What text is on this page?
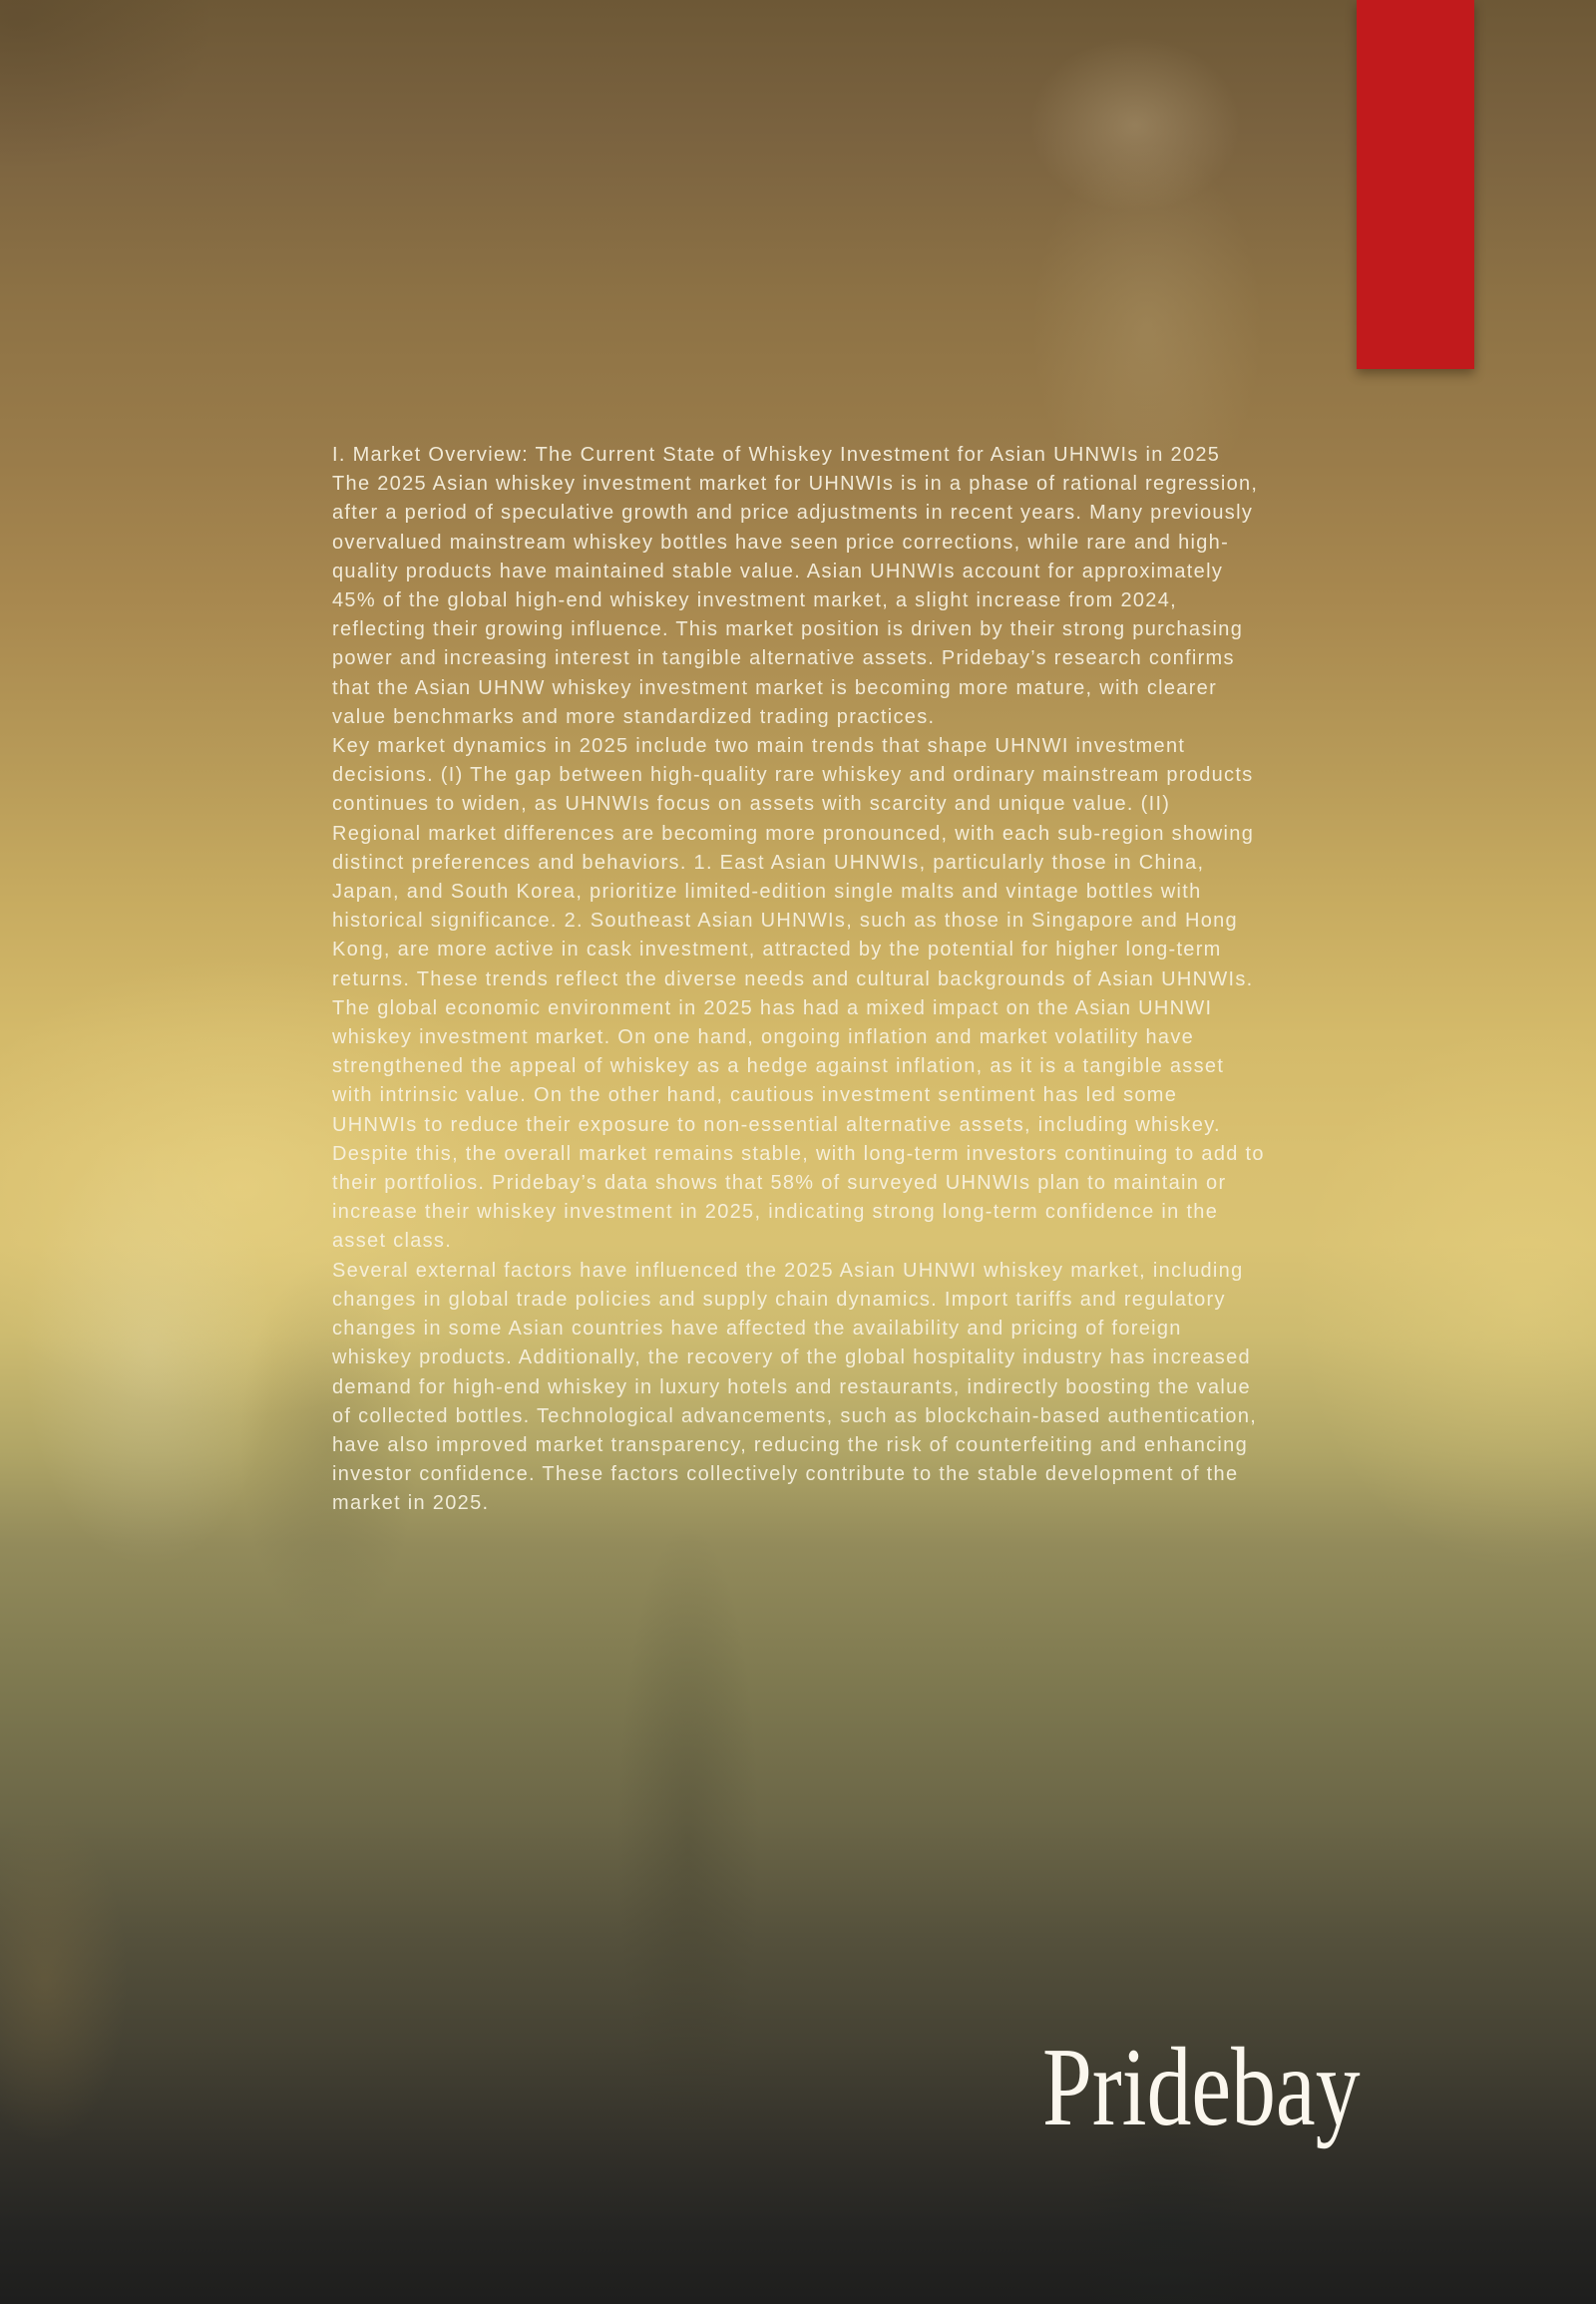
I. Market Overview: The Current State of Whiskey Investment for Asian UHNWIs in 2025

The 2025 Asian whiskey investment market for UHNWIs is in a phase of rational regression, after a period of speculative growth and price adjustments in recent years. Many previously overvalued mainstream whiskey bottles have seen price corrections, while rare and high-quality products have maintained stable value. Asian UHNWIs account for approximately 45% of the global high-end whiskey investment market, a slight increase from 2024, reflecting their growing influence. This market position is driven by their strong purchasing power and increasing interest in tangible alternative assets. Pridebay’s research confirms that the Asian UHNW whiskey investment market is becoming more mature, with clearer value benchmarks and more standardized trading practices.

Key market dynamics in 2025 include two main trends that shape UHNWI investment decisions. (I) The gap between high-quality rare whiskey and ordinary mainstream products continues to widen, as UHNWIs focus on assets with scarcity and unique value. (II) Regional market differences are becoming more pronounced, with each sub-region showing distinct preferences and behaviors. 1. East Asian UHNWIs, particularly those in China, Japan, and South Korea, prioritize limited-edition single malts and vintage bottles with historical significance. 2. Southeast Asian UHNWIs, such as those in Singapore and Hong Kong, are more active in cask investment, attracted by the potential for higher long-term returns. These trends reflect the diverse needs and cultural backgrounds of Asian UHNWIs.

The global economic environment in 2025 has had a mixed impact on the Asian UHNWI whiskey investment market. On one hand, ongoing inflation and market volatility have strengthened the appeal of whiskey as a hedge against inflation, as it is a tangible asset with intrinsic value. On the other hand, cautious investment sentiment has led some UHNWIs to reduce their exposure to non-essential alternative assets, including whiskey. Despite this, the overall market remains stable, with long-term investors continuing to add to their portfolios. Pridebay’s data shows that 58% of surveyed UHNWIs plan to maintain or increase their whiskey investment in 2025, indicating strong long-term confidence in the asset class.

Several external factors have influenced the 2025 Asian UHNWI whiskey market, including changes in global trade policies and supply chain dynamics. Import tariffs and regulatory changes in some Asian countries have affected the availability and pricing of foreign whiskey products. Additionally, the recovery of the global hospitality industry has increased demand for high-end whiskey in luxury hotels and restaurants, indirectly boosting the value of collected bottles. Technological advancements, such as blockchain-based authentication, have also improved market transparency, reducing the risk of counterfeiting and enhancing investor confidence. These factors collectively contribute to the stable development of the market in 2025.

Pridebay
